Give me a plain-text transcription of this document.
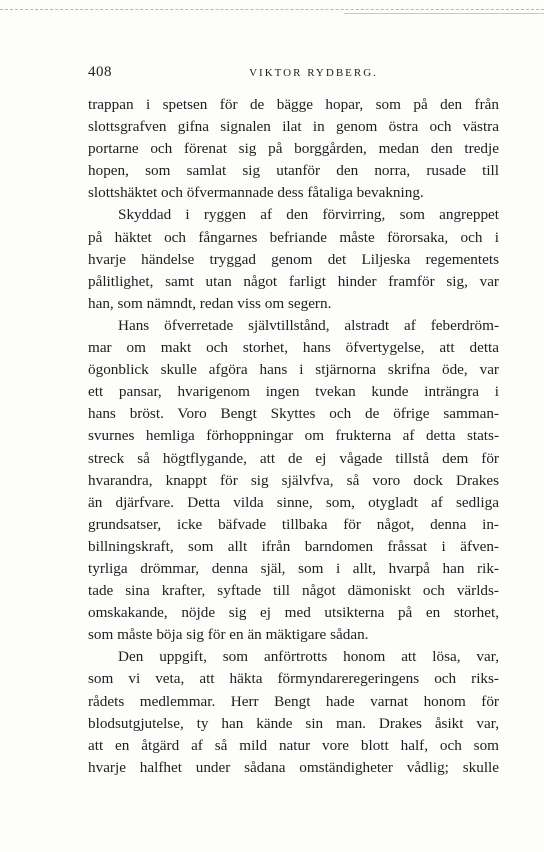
408	VIKTOR RYDBERG.
trappan i spetsen för de bägge hopar, som på den från
slottsgrafven gifna signalen ilat in genom östra och västra
portarne och förenat sig på borggården, medan den tredje
hopen, som samlat sig utanför den norra, rusade till
slottshäktet och öfvermannade dess fåtaliga bevakning.
Skyddad i ryggen af den förvirring, som angreppet
på häktet och fångarnes befriande måste förorsaka, och i
hvarje händelse tryggad genom det Liljeska regementets
pålitlighet, samt utan något farligt hinder framför sig, var
han, som nämndt, redan viss om segern.
Hans öfverretade självtillstånd, alstradt af feberdröm-
mar om makt och storhet, hans öfvertygelse, att detta
ögonblick skulle afgöra hans i stjärnorna skrifna öde, var
ett pansar, hvarigenom ingen tvekan kunde inträngra i
hans bröst. Voro Bengt Skyttes och de öfrige samman-
svurnes hemliga förhoppningar om frukterna af detta stats-
streck så högtflygande, att de ej vågade tillstå dem för
hvarandra, knappt för sig självfva, så voro dock Drakes
än djärfvare. Detta vilda sinne, som, otygladt af sedliga
grundsatser, icke bäfvade tillbaka för något, denna in-
billningskraft, som allt ifrån barndomen fråssat i äfven-
tyrliga drömmar, denna själ, som i allt, hvarpå han rik-
tade sina krafter, syftade till något dämoniskt och världs-
omskakande, nöjde sig ej med utsikterna på en storhet,
som måste böja sig för en än mäktigare sådan.
Den uppgift, som anförtrotts honom att lösa, var,
som vi veta, att häkta förmyndareregeringens och riks-
rådets medlemmar. Herr Bengt hade varnat honom för
blodsutgjutelse, ty han kände sin man. Drakes åsikt var,
att en åtgärd af så mild natur vore blott half, och som
hvarje halfhet under sådana omständigheter vådlig; skulle
